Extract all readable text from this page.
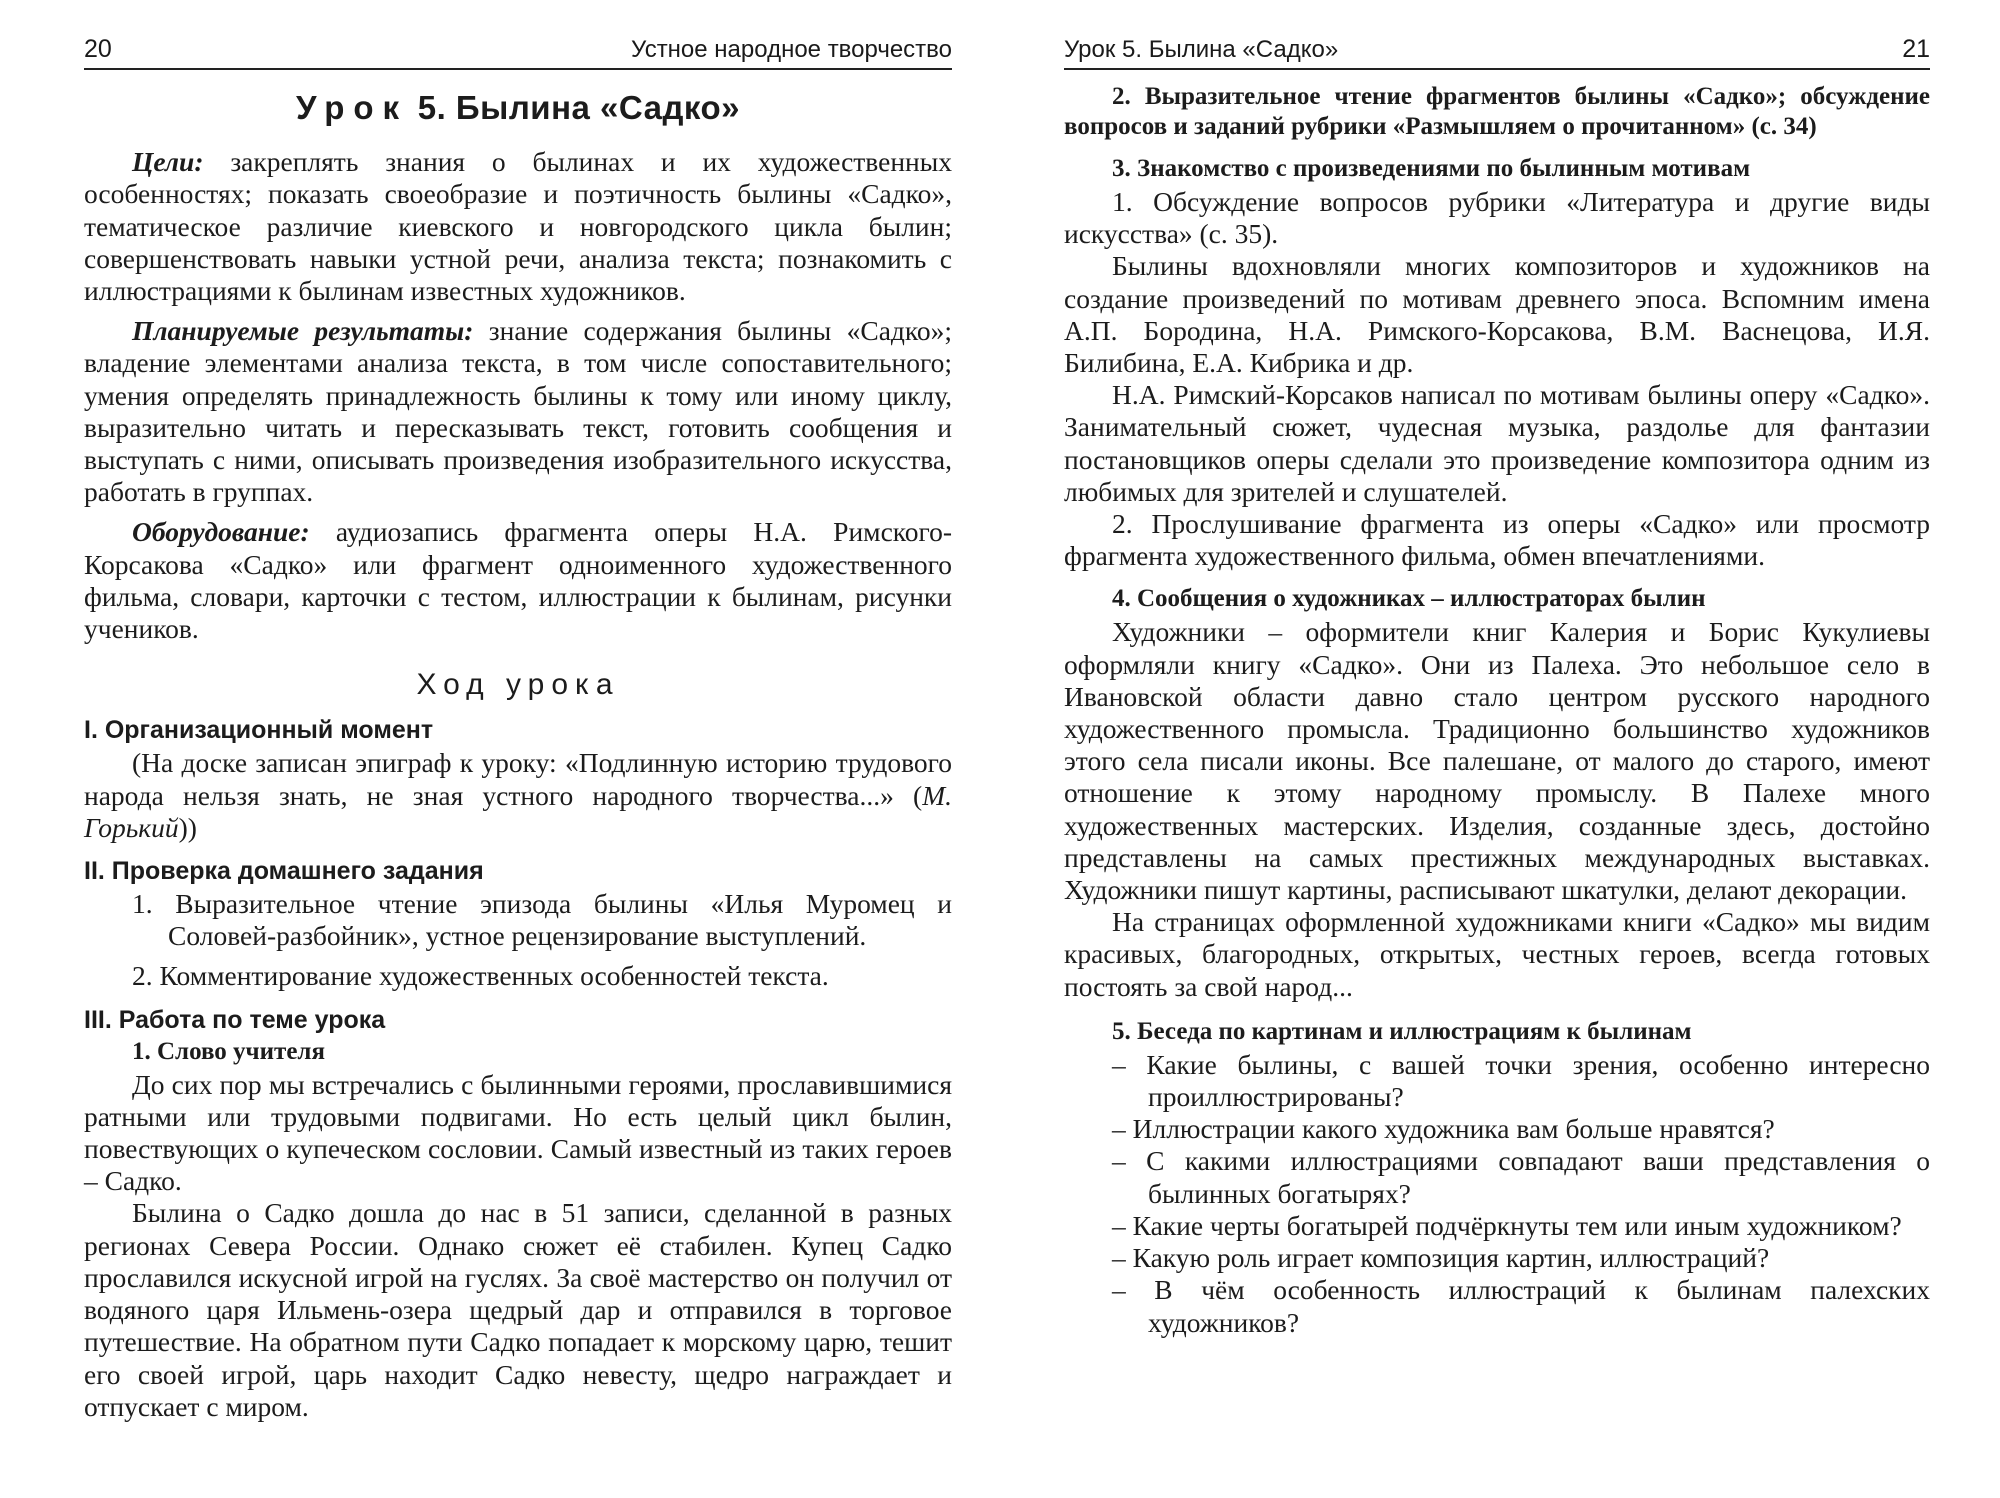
20	Устное народное творчество
Урок 5. Былина «Садко»

Цели: закреплять знания о былинах и их художественных особенностях; показать своеобразие и поэтичность былины «Садко», тематическое различие киевского и новгородского цикла былин; совершенствовать навыки устной речи, анализа текста; познакомить с иллюстрациями к былинам известных художников.

Планируемые результаты: знание содержания былины «Садко»; владение элементами анализа текста, в том числе сопоставительного; умения определять принадлежность былины к тому или иному циклу, выразительно читать и пересказывать текст, готовить сообщения и выступать с ними, описывать произведения изобразительного искусства, работать в группах.

Оборудование: аудиозапись фрагмента оперы Н.А. Римского-Корсакова «Садко» или фрагмент одноименного художественного фильма, словари, карточки с тестом, иллюстрации к былинам, рисунки учеников.

Ход урока
I. Организационный момент

(На доске записан эпиграф к уроку: «Подлинную историю трудового народа нельзя знать, не зная устного народного творчества...» (М. Горький))

II. Проверка домашнего задания

1. Выразительное чтение эпизода былины «Илья Муромец и Соловей-разбойник», устное рецензирование выступлений.

2. Комментирование художественных особенностей текста.

III. Работа по теме урока
1. Слово учителя

До сих пор мы встречались с былинными героями, прославившимися ратными или трудовыми подвигами. Но есть целый цикл былин, повествующих о купеческом сословии. Самый известный из таких героев – Садко.

Былина о Садко дошла до нас в 51 записи, сделанной в разных регионах Севера России. Однако сюжет её стабилен. Купец Садко прославился искусной игрой на гуслях. За своё мастерство он получил от водяного царя Ильмень-озера щедрый дар и отправился в торговое путешествие. На обратном пути Садко попадает к морскому царю, тешит его своей игрой, царь находит Садко невесту, щедро награждает и отпускает с миром.

Урок 5. Былина «Садко»	21

2. Выразительное чтение фрагментов былины «Садко»; обсуждение вопросов и заданий рубрики «Размышляем о прочитанном» (с. 34)

3. Знакомство с произведениями по былинным мотивам

1. Обсуждение вопросов рубрики «Литература и другие виды искусства» (с. 35).

Былины вдохновляли многих композиторов и художников на создание произведений по мотивам древнего эпоса. Вспомним имена А.П. Бородина, Н.А. Римского-Корсакова, В.М. Васнецова, И.Я. Билибина, Е.А. Кибрика и др.

Н.А. Римский-Корсаков написал по мотивам былины оперу «Садко». Занимательный сюжет, чудесная музыка, раздолье для фантазии постановщиков оперы сделали это произведение композитора одним из любимых для зрителей и слушателей.

2. Прослушивание фрагмента из оперы «Садко» или просмотр фрагмента художественного фильма, обмен впечатлениями.

4. Сообщения о художниках – иллюстраторах былин

Художники – оформители книг Калерия и Борис Кукулиевы оформляли книгу «Садко». Они из Палеха. Это небольшое село в Ивановской области давно стало центром русского народного художественного промысла. Традиционно большинство художников этого села писали иконы. Все палешане, от малого до старого, имеют отношение к этому народному промыслу. В Палехе много художественных мастерских. Изделия, созданные здесь, достойно представлены на самых престижных международных выставках. Художники пишут картины, расписывают шкатулки, делают декорации.

На страницах оформленной художниками книги «Садко» мы видим красивых, благородных, открытых, честных героев, всегда готовых постоять за свой народ...

5. Беседа по картинам и иллюстрациям к былинам

– Какие былины, с вашей точки зрения, особенно интересно проиллюстрированы?

– Иллюстрации какого художника вам больше нравятся?

– С какими иллюстрациями совпадают ваши представления о былинных богатырях?

– Какие черты богатырей подчёркнуты тем или иным художником?

– Какую роль играет композиция картин, иллюстраций?

– В чём особенность иллюстраций к былинам палехских художников?
